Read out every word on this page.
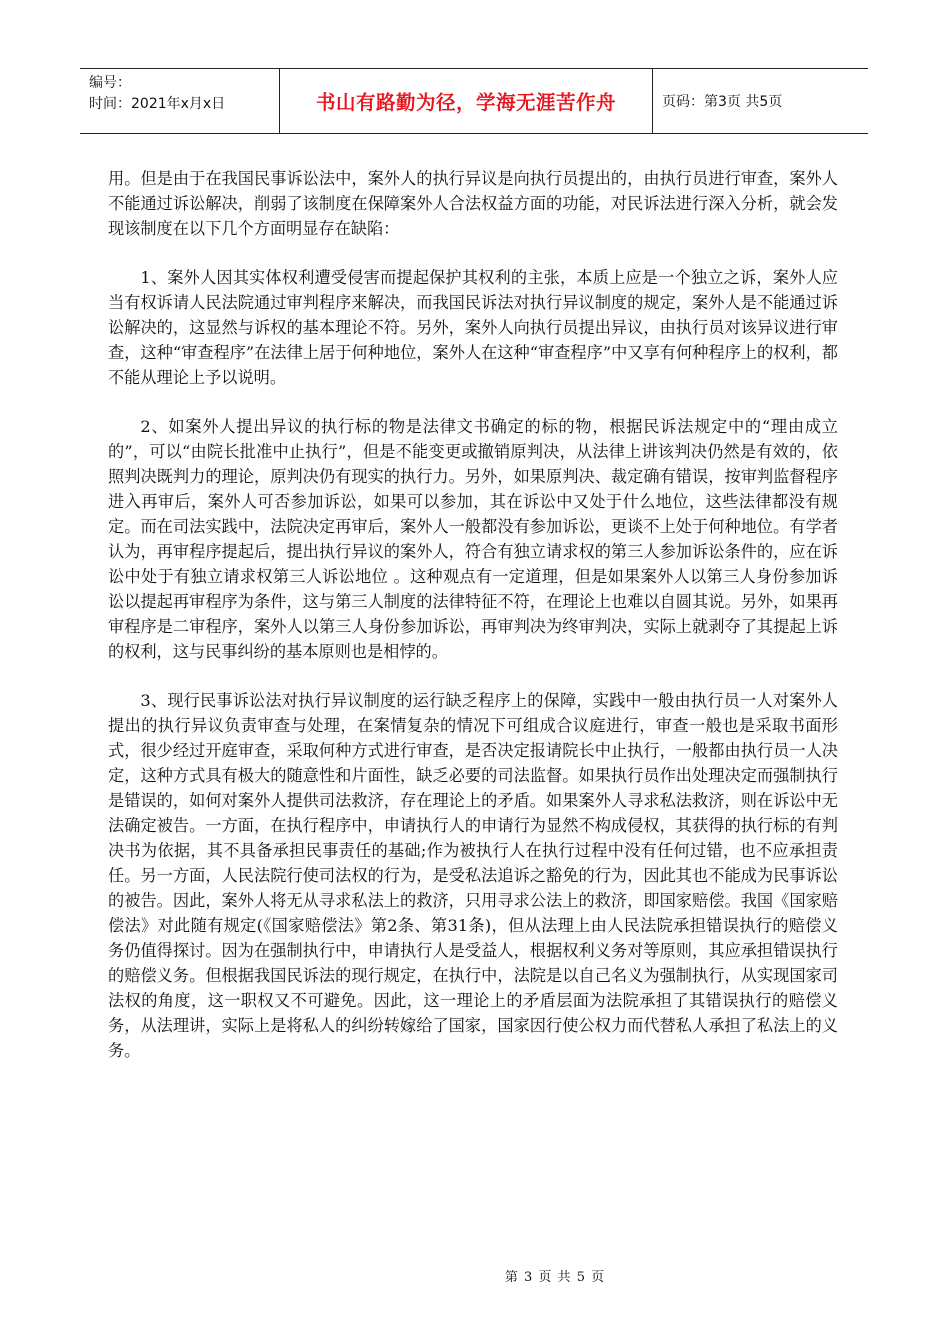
编号：
时间：2021年x月x日	书山有路勤为径，学海无涯苦作舟	页码：第3页 共5页

用。但是由于在我国民事诉讼法中，案外人的执行异议是向执行员提出的，由执行员进行审查，案外人不能通过诉讼解决，削弱了该制度在保障案外人合法权益方面的功能，对民诉法进行深入分析，就会发现该制度在以下几个方面明显存在缺陷：

1、案外人因其实体权利遭受侵害而提起保护其权利的主张，本质上应是一个独立之诉，案外人应当有权诉请人民法院通过审判程序来解决，而我国民诉法对执行异议制度的规定，案外人是不能通过诉讼解决的，这显然与诉权的基本理论不符。另外，案外人向执行员提出异议，由执行员对该异议进行审查，这种“审查程序”在法律上居于何种地位，案外人在这种“审查程序”中又享有何种程序上的权利，都不能从理论上予以说明。

2、如案外人提出异议的执行标的物是法律文书确定的标的物，根据民诉法规定中的“理由成立的”，可以“由院长批准中止执行”，但是不能变更或撤销原判决，从法律上讲该判决仍然是有效的，依照判决既判力的理论，原判决仍有现实的执行力。另外，如果原判决、裁定确有错误，按审判监督程序进入再审后，案外人可否参加诉讼，如果可以参加，其在诉讼中又处于什么地位，这些法律都没有规定。而在司法实践中，法院决定再审后，案外人一般都没有参加诉讼，更谈不上处于何种地位。有学者认为，再审程序提起后，提出执行异议的案外人，符合有独立请求权的第三人参加诉讼条件的，应在诉讼中处于有独立请求权第三人诉讼地位 。这种观点有一定道理，但是如果案外人以第三人身份参加诉讼以提起再审程序为条件，这与第三人制度的法律特征不符，在理论上也难以自圆其说。另外，如果再审程序是二审程序，案外人以第三人身份参加诉讼，再审判决为终审判决，实际上就剥夺了其提起上诉的权利，这与民事纠纷的基本原则也是相悖的。

3、现行民事诉讼法对执行异议制度的运行缺乏程序上的保障，实践中一般由执行员一人对案外人提出的执行异议负责审查与处理，在案情复杂的情况下可组成合议庭进行，审查一般也是采取书面形式，很少经过开庭审查，采取何种方式进行审查，是否决定报请院长中止执行，一般都由执行员一人决定，这种方式具有极大的随意性和片面性，缺乏必要的司法监督。如果执行员作出处理决定而强制执行是错误的，如何对案外人提供司法救济，存在理论上的矛盾。如果案外人寻求私法救济，则在诉讼中无法确定被告。一方面，在执行程序中，申请执行人的申请行为显然不构成侵权，其获得的执行标的有判决书为依据，其不具备承担民事责任的基础;作为被执行人在执行过程中没有任何过错，也不应承担责任。另一方面，人民法院行使司法权的行为，是受私法追诉之豁免的行为，因此其也不能成为民事诉讼的被告。因此，案外人将无从寻求私法上的救济，只用寻求公法上的救济，即国家赔偿。我国《国家赔偿法》对此随有规定(《国家赔偿法》第2条、第31条)，但从法理上由人民法院承担错误执行的赔偿义务仍值得探讨。因为在强制执行中，申请执行人是受益人，根据权利义务对等原则，其应承担错误执行的赔偿义务。但根据我国民诉法的现行规定，在执行中，法院是以自己名义为强制执行，从实现国家司法权的角度，这一职权又不可避免。因此，这一理论上的矛盾层面为法院承担了其错误执行的赔偿义务，从法理讲，实际上是将私人的纠纷转嫁给了国家，国家因行使公权力而代替私人承担了私法上的义务。

第 3 页 共 5 页
